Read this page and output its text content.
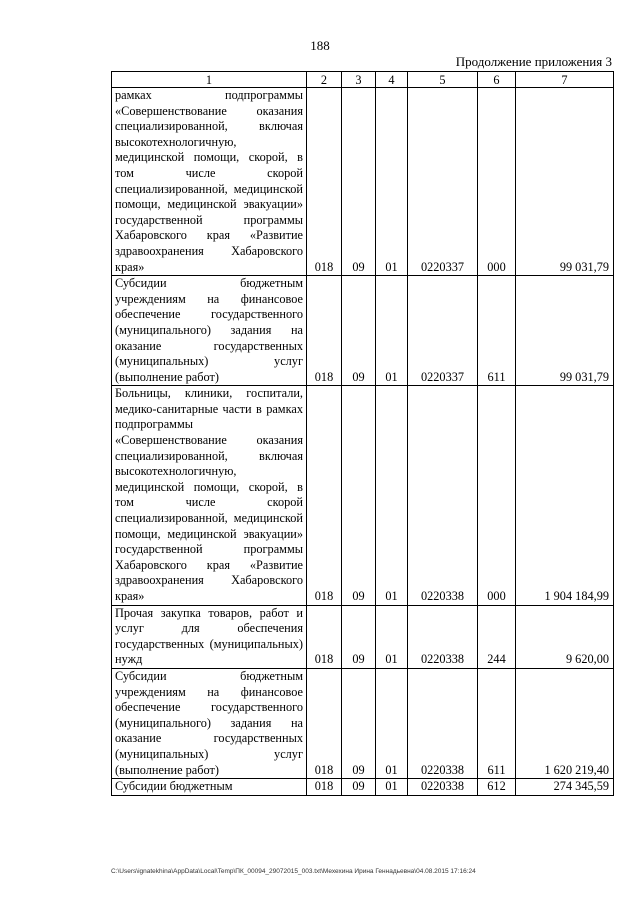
188
Продолжение приложения 3
1	2	3	4	5	6	7
рамках подпрограммы «Совершенствование оказания специализированной, включая высокотехнологичную, медицинской помощи, скорой, в том числе скорой специализированной, медицинской помощи, медицинской эвакуации» государственной программы Хабаровского края «Развитие здравоохранения Хабаровского края»	018	09	01	0220337	000	99 031,79
Субсидии бюджетным учреждениям на финансовое обеспечение государственного (муниципального) задания на оказание государственных (муниципальных) услуг (выполнение работ)	018	09	01	0220337	611	99 031,79
Больницы, клиники, госпитали, медико-санитарные части в рамках подпрограммы «Совершенствование оказания специализированной, включая высокотехнологичную, медицинской помощи, скорой, в том числе скорой специализированной, медицинской помощи, медицинской эвакуации» государственной программы Хабаровского края «Развитие здравоохранения Хабаровского края»	018	09	01	0220338	000	1 904 184,99
Прочая закупка товаров, работ и услуг для обеспечения государственных (муниципальных) нужд	018	09	01	0220338	244	9 620,00
Субсидии бюджетным учреждениям на финансовое обеспечение государственного (муниципального) задания на оказание государственных (муниципальных) услуг (выполнение работ)	018	09	01	0220338	611	1 620 219,40
Субсидии бюджетным	018	09	01	0220338	612	274 345,59
C:\Users\ignatekhina\AppData\Local\Temp\ПК_00094_29072015_003.txt\Мехехина Ирина Геннадьевна\04.08.2015 17:16:24
